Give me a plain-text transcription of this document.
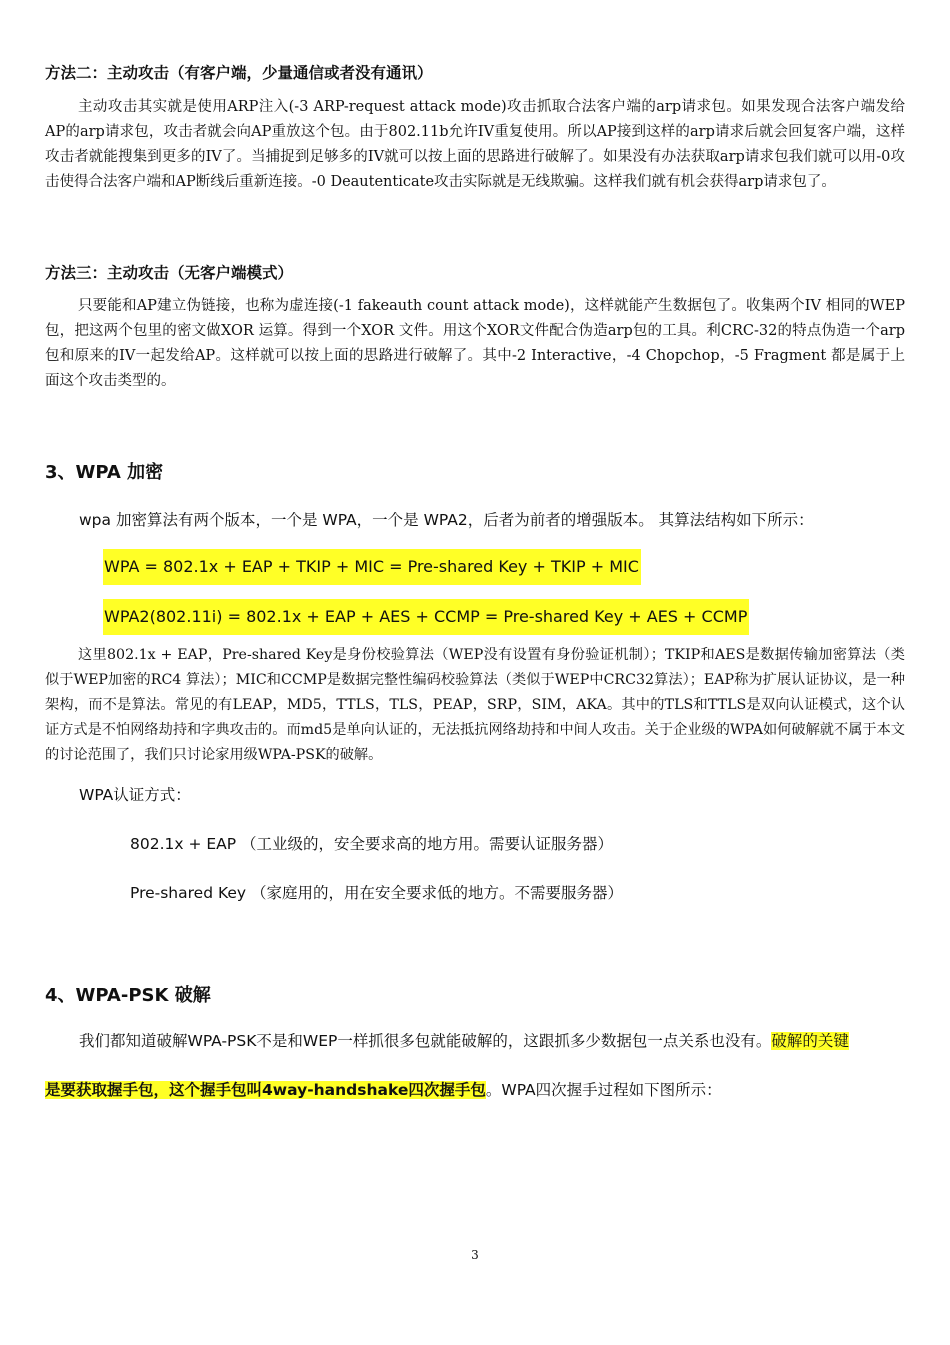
方法二：主动攻击（有客户端，少量通信或者没有通讯）

主动攻击其实就是使用ARP注入(-3 ARP-request attack mode)攻击抓取合法客户端的arp请求包。如果发现合法客户端发给AP的arp请求包，攻击者就会向AP重放这个包。由于802.11b允许IV重复使用。所以AP接到这样的arp请求后就会回复客户端，这样攻击者就能搜集到更多的IV了。当捕捉到足够多的IV就可以按上面的思路进行破解了。如果没有办法获取arp请求包我们就可以用-0攻击使得合法客户端和AP断线后重新连接。-0 Deautenticate攻击实际就是无线欺骗。这样我们就有机会获得arp请求包了。

方法三：主动攻击（无客户端模式）

只要能和AP建立伪链接，也称为虚连接(-1 fakeauth count attack mode)，这样就能产生数据包了。收集两个IV 相同的WEP 包，把这两个包里的密文做XOR 运算。得到一个XOR 文件。用这个XOR文件配合伪造arp包的工具。利CRC-32的特点伪造一个arp包和原来的IV一起发给AP。这样就可以按上面的思路进行破解了。其中-2 Interactive，-4 Chopchop，-5 Fragment 都是属于上面这个攻击类型的。

3、WPA 加密

wpa 加密算法有两个版本，一个是 WPA，一个是 WPA2，后者为前者的增强版本。 其算法结构如下所示：

WPA = 802.1x + EAP + TKIP + MIC = Pre-shared Key + TKIP + MIC

WPA2(802.11i) = 802.1x + EAP + AES + CCMP = Pre-shared Key + AES + CCMP

这里802.1x + EAP，Pre-shared Key是身份校验算法（WEP没有设置有身份验证机制）；TKIP和AES是数据传输加密算法（类似于WEP加密的RC4 算法）；MIC和CCMP是数据完整性编码校验算法（类似于WEP中CRC32算法）；EAP称为扩展认证协议，是一种架构，而不是算法。常见的有LEAP，MD5，TTLS，TLS，PEAP，SRP，SIM，AKA。其中的TLS和TTLS是双向认证模式，这个认证方式是不怕网络劫持和字典攻击的。而md5是单向认证的，无法抵抗网络劫持和中间人攻击。关于企业级的WPA如何破解就不属于本文的讨论范围了，我们只讨论家用级WPA-PSK的破解。

WPA认证方式：

802.1x + EAP （工业级的，安全要求高的地方用。需要认证服务器）

Pre-shared Key （家庭用的，用在安全要求低的地方。不需要服务器）

4、WPA-PSK 破解

我们都知道破解WPA-PSK不是和WEP一样抓很多包就能破解的，这跟抓多少数据包一点关系也没有。破解的关键

是要获取握手包，这个握手包叫4way-handshake四次握手包。WPA四次握手过程如下图所示：

3
